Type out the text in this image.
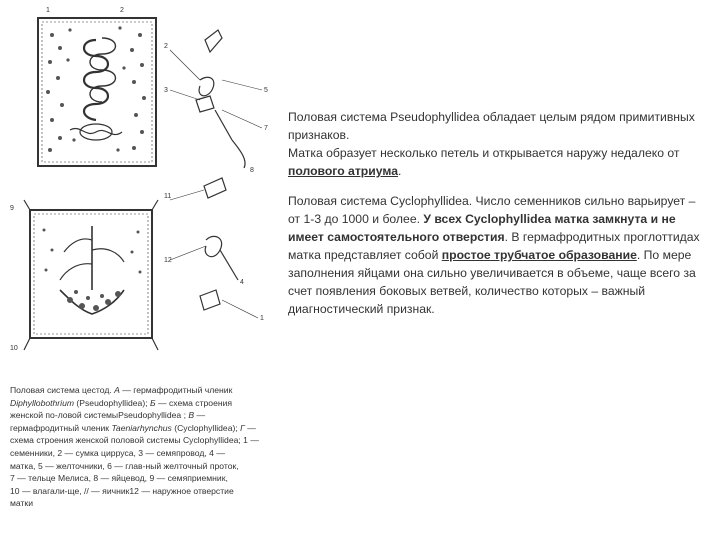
1	2
2
3	5
7
8
11
12
1
4
9
10
Половая система цестод. А — гермафродитный членик
Diphyllobothrium (Pseudophyllidea); Б — схема строения
женской по-ловой системыPseudophyllidea ; В —
гермафродитный членик Taeniarhynchus (Cyclophyllidea); Г —
схема строения женской половой системы Cyclophyllidea; 1 —
семенники, 2 — сумка цирруса, 3 — семяпровод, 4 —
матка, 5 — желточники, 6 — глав-ный желточный проток,
7 — тельце Мелиса, 8 — яйцевод, 9 — семяприемник,
10 — влагали-ще, // — яичник12 — наружное отверстие
матки

Половая система Pseudophyllidea обладает целым рядом примитивных признаков.
Матка образует несколько петель и открывается наружу недалеко от полового атриума.

Половая система Cyclophyllidea. Число семенников сильно варьирует – от 1-3 до 1000 и более. У всех Cyclophyllidea матка замкнута и не имеет самостоятельного отверстия. В гермафродитных проглоттидах матка представляет собой простое трубчатое образование. По мере заполнения яйцами она сильно увеличивается в объеме, чаще всего за счет появления боковых ветвей, количество которых – важный диагностический признак.
